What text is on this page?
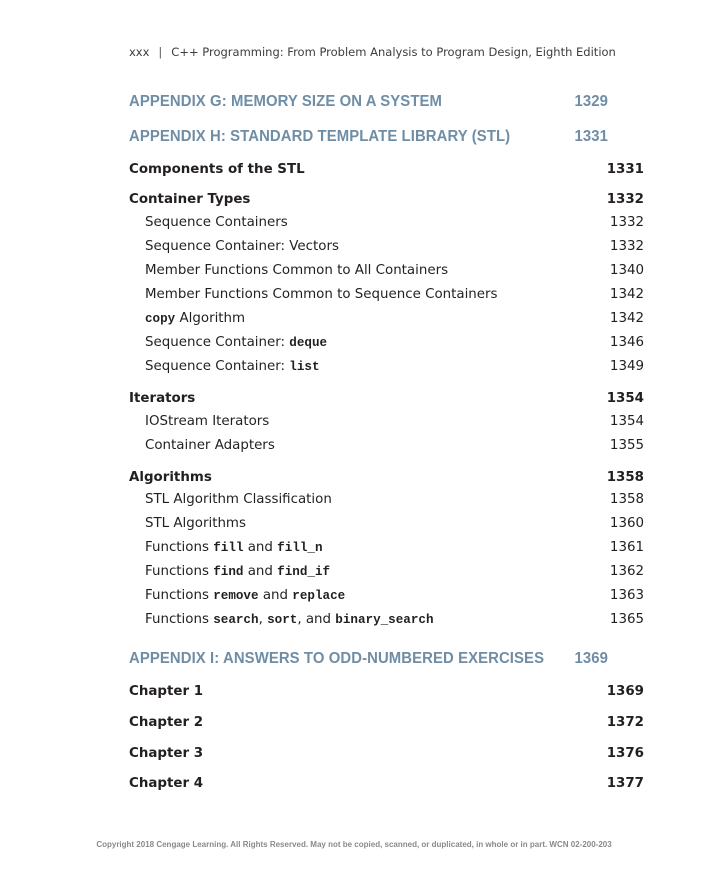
xxx | C++ Programming: From Problem Analysis to Program Design, Eighth Edition
APPENDIX G: MEMORY SIZE ON A SYSTEM	1329
APPENDIX H: STANDARD TEMPLATE LIBRARY (STL)	1331
Components of the STL	1331
Container Types	1332
Sequence Containers	1332
Sequence Container: Vectors	1332
Member Functions Common to All Containers	1340
Member Functions Common to Sequence Containers	1342
copy Algorithm	1342
Sequence Container: deque	1346
Sequence Container: list	1349
Iterators	1354
IOStream Iterators	1354
Container Adapters	1355
Algorithms	1358
STL Algorithm Classification	1358
STL Algorithms	1360
Functions fill and fill_n	1361
Functions find and find_if	1362
Functions remove and replace	1363
Functions search, sort, and binary_search	1365
APPENDIX I: ANSWERS TO ODD-NUMBERED EXERCISES 1369
Chapter 1	1369
Chapter 2	1372
Chapter 3	1376
Chapter 4	1377
Copyright 2018 Cengage Learning. All Rights Reserved. May not be copied, scanned, or duplicated, in whole or in part. WCN 02-200-203
